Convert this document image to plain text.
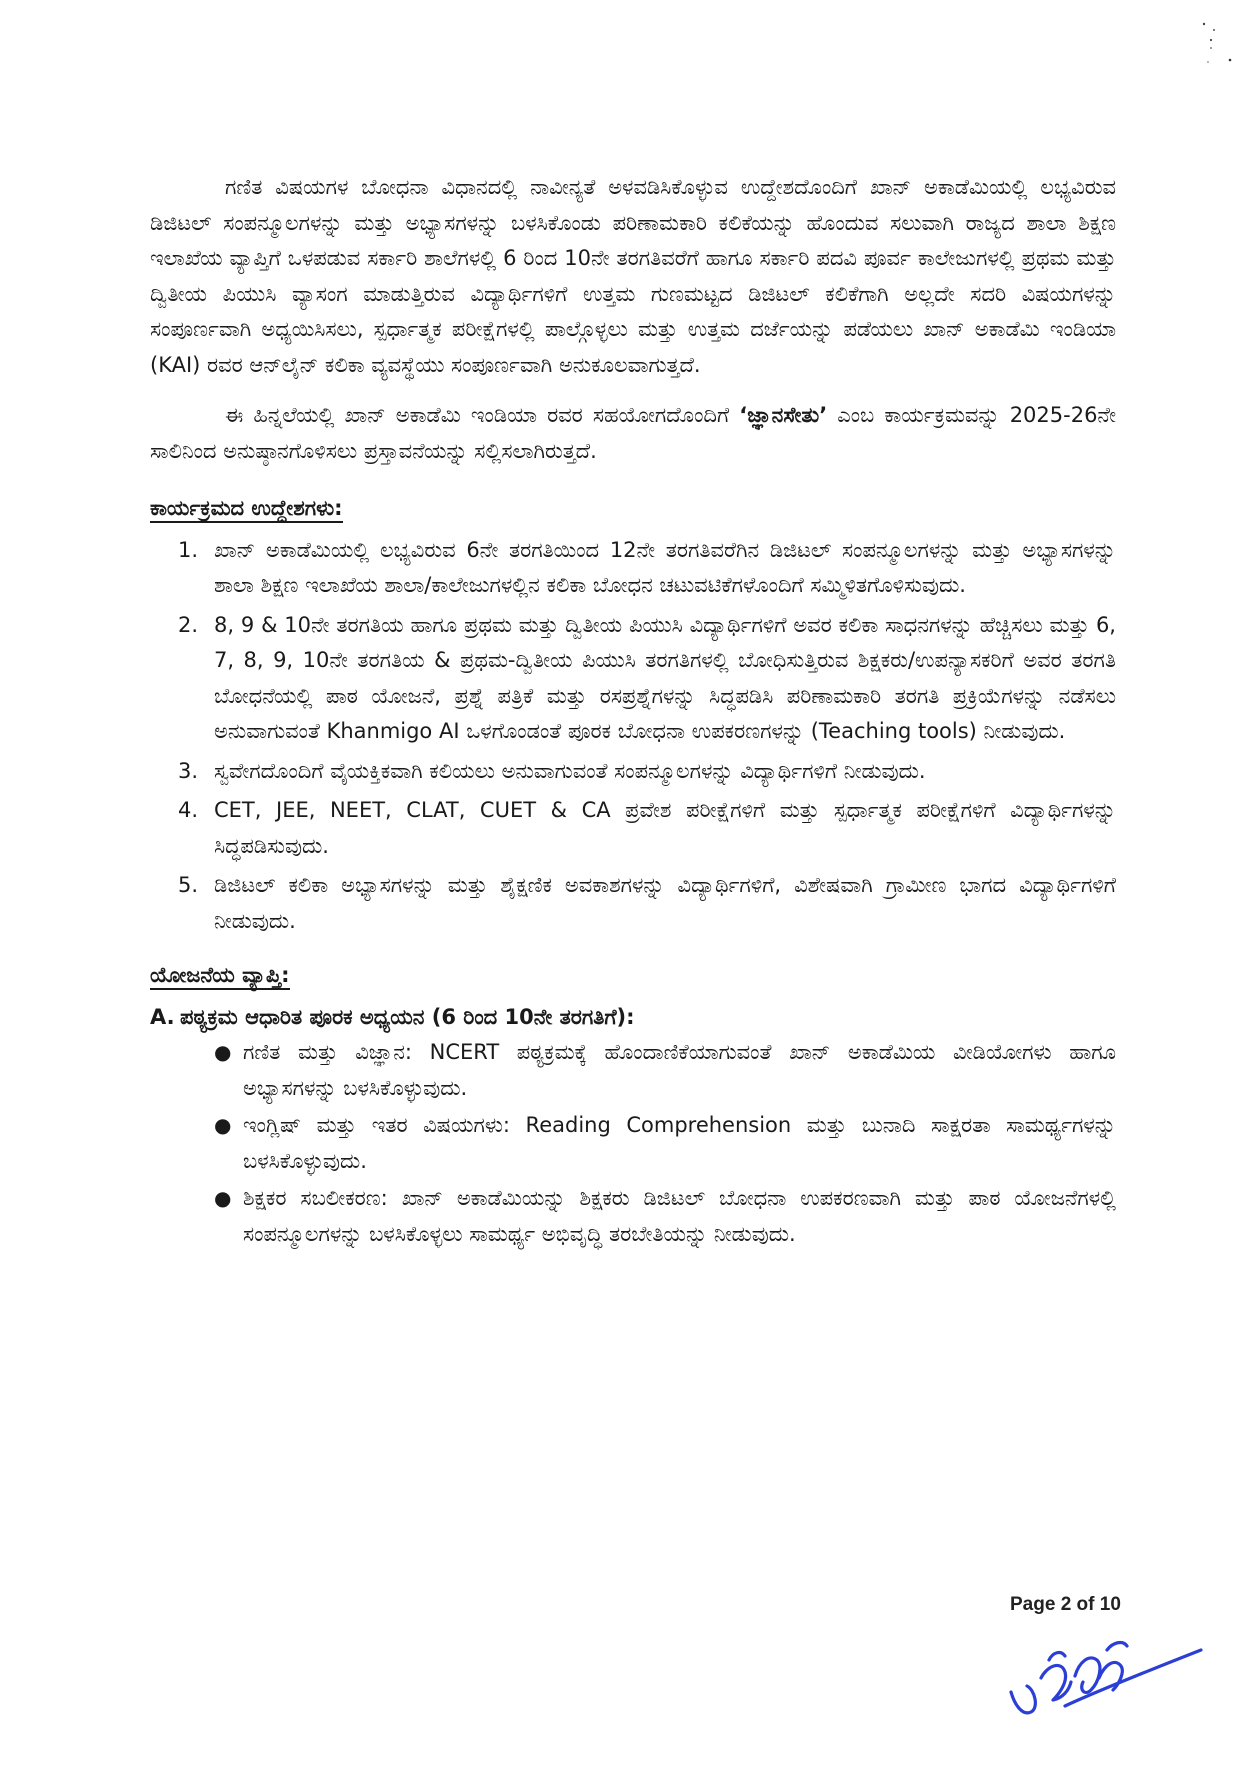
ಗಣಿತ ವಿಷಯಗಳ ಬೋಧನಾ ವಿಧಾನದಲ್ಲಿ ನಾವೀನ್ಯತೆ ಅಳವಡಿಸಿಕೊಳ್ಳುವ ಉದ್ದೇಶದೊಂದಿಗೆ ಖಾನ್ ಅಕಾಡೆಮಿಯಲ್ಲಿ ಲಭ್ಯವಿರುವ ಡಿಜಿಟಲ್ ಸಂಪನ್ಮೂಲಗಳನ್ನು ಮತ್ತು ಅಭ್ಯಾಸಗಳನ್ನು ಬಳಸಿಕೊಂಡು ಪರಿಣಾಮಕಾರಿ ಕಲಿಕೆಯನ್ನು ಹೊಂದುವ ಸಲುವಾಗಿ ರಾಜ್ಯದ ಶಾಲಾ ಶಿಕ್ಷಣ ಇಲಾಖೆಯ ವ್ಯಾಪ್ತಿಗೆ ಒಳಪಡುವ ಸರ್ಕಾರಿ ಶಾಲೆಗಳಲ್ಲಿ 6 ರಿಂದ 10ನೇ ತರಗತಿವರೆಗೆ ಹಾಗೂ ಸರ್ಕಾರಿ ಪದವಿ ಪೂರ್ವ ಕಾಲೇಜುಗಳಲ್ಲಿ ಪ್ರಥಮ ಮತ್ತು ದ್ವಿತೀಯ ಪಿಯುಸಿ ವ್ಯಾಸಂಗ ಮಾಡುತ್ತಿರುವ ವಿದ್ಯಾರ್ಥಿಗಳಿಗೆ ಉತ್ತಮ ಗುಣಮಟ್ಟದ ಡಿಜಿಟಲ್ ಕಲಿಕೆಗಾಗಿ ಅಲ್ಲದೇ ಸದರಿ ವಿಷಯಗಳನ್ನು ಸಂಪೂರ್ಣವಾಗಿ ಅಧ್ಯಯಿಸಿಸಲು, ಸ್ಪರ್ಧಾತ್ಮಕ ಪರೀಕ್ಷೆಗಳಲ್ಲಿ ಪಾಲ್ಗೊಳ್ಳಲು ಮತ್ತು ಉತ್ತಮ ದರ್ಜೆಯನ್ನು ಪಡೆಯಲು ಖಾನ್ ಅಕಾಡೆಮಿ ಇಂಡಿಯಾ (KAI) ರವರ ಆನ್‌ಲೈನ್ ಕಲಿಕಾ ವ್ಯವಸ್ಥೆಯು ಸಂಪೂರ್ಣವಾಗಿ ಅನುಕೂಲವಾಗುತ್ತದೆ.

ಈ ಹಿನ್ನಲೆಯಲ್ಲಿ ಖಾನ್ ಅಕಾಡೆಮಿ ಇಂಡಿಯಾ ರವರ ಸಹಯೋಗದೊಂದಿಗೆ ‘ಜ್ಞಾನಸೇತು’ ಎಂಬ ಕಾರ್ಯಕ್ರಮವನ್ನು 2025-26ನೇ ಸಾಲಿನಿಂದ ಅನುಷ್ಠಾನಗೊಳಿಸಲು ಪ್ರಸ್ತಾವನೆಯನ್ನು ಸಲ್ಲಿಸಲಾಗಿರುತ್ತದೆ.

ಕಾರ್ಯಕ್ರಮದ ಉದ್ದೇಶಗಳು:

1. ಖಾನ್ ಅಕಾಡೆಮಿಯಲ್ಲಿ ಲಭ್ಯವಿರುವ 6ನೇ ತರಗತಿಯಿಂದ 12ನೇ ತರಗತಿವರೆಗಿನ ಡಿಜಿಟಲ್ ಸಂಪನ್ಮೂಲಗಳನ್ನು ಮತ್ತು ಅಭ್ಯಾಸಗಳನ್ನು ಶಾಲಾ ಶಿಕ್ಷಣ ಇಲಾಖೆಯ ಶಾಲಾ/ಕಾಲೇಜುಗಳಲ್ಲಿನ ಕಲಿಕಾ ಬೋಧನ ಚಟುವಟಿಕೆಗಳೊಂದಿಗೆ ಸಮ್ಮಿಳಿತಗೊಳಿಸುವುದು.
2. 8, 9 & 10ನೇ ತರಗತಿಯ ಹಾಗೂ ಪ್ರಥಮ ಮತ್ತು ದ್ವಿತೀಯ ಪಿಯುಸಿ ವಿದ್ಯಾರ್ಥಿಗಳಿಗೆ ಅವರ ಕಲಿಕಾ ಸಾಧನಗಳನ್ನು ಹೆಚ್ಚಿಸಲು ಮತ್ತು 6, 7, 8, 9, 10ನೇ ತರಗತಿಯ & ಪ್ರಥಮ-ದ್ವಿತೀಯ ಪಿಯುಸಿ ತರಗತಿಗಳಲ್ಲಿ ಬೋಧಿಸುತ್ತಿರುವ ಶಿಕ್ಷಕರು/ಉಪನ್ಯಾಸಕರಿಗೆ ಅವರ ತರಗತಿ ಬೋಧನೆಯಲ್ಲಿ ಪಾಠ ಯೋಜನೆ, ಪ್ರಶ್ನೆ ಪತ್ರಿಕೆ ಮತ್ತು ರಸಪ್ರಶ್ನೆಗಳನ್ನು ಸಿದ್ಧಪಡಿಸಿ ಪರಿಣಾಮಕಾರಿ ತರಗತಿ ಪ್ರಕ್ರಿಯೆಗಳನ್ನು ನಡೆಸಲು ಅನುವಾಗುವಂತೆ Khanmigo AI ಒಳಗೊಂಡಂತೆ ಪೂರಕ ಬೋಧನಾ ಉಪಕರಣಗಳನ್ನು (Teaching tools) ನೀಡುವುದು.
3. ಸ್ವವೇಗದೊಂದಿಗೆ ವೈಯಕ್ತಿಕವಾಗಿ ಕಲಿಯಲು ಅನುವಾಗುವಂತೆ ಸಂಪನ್ಮೂಲಗಳನ್ನು ವಿದ್ಯಾರ್ಥಿಗಳಿಗೆ ನೀಡುವುದು.
4. CET, JEE, NEET, CLAT, CUET & CA ಪ್ರವೇಶ ಪರೀಕ್ಷೆಗಳಿಗೆ ಮತ್ತು ಸ್ಪರ್ಧಾತ್ಮಕ ಪರೀಕ್ಷೆಗಳಿಗೆ ವಿದ್ಯಾರ್ಥಿಗಳನ್ನು ಸಿದ್ಧಪಡಿಸುವುದು.
5. ಡಿಜಿಟಲ್ ಕಲಿಕಾ ಅಭ್ಯಾಸಗಳನ್ನು ಮತ್ತು ಶೈಕ್ಷಣಿಕ ಅವಕಾಶಗಳನ್ನು ವಿದ್ಯಾರ್ಥಿಗಳಿಗೆ, ವಿಶೇಷವಾಗಿ ಗ್ರಾಮೀಣ ಭಾಗದ ವಿದ್ಯಾರ್ಥಿಗಳಿಗೆ ನೀಡುವುದು.

ಯೋಜನೆಯ ವ್ಯಾಪ್ತಿ:

A. ಪಠ್ಯಕ್ರಮ ಆಧಾರಿತ ಪೂರಕ ಅಧ್ಯಯನ (6 ರಿಂದ 10ನೇ ತರಗತಿಗೆ):

● ಗಣಿತ ಮತ್ತು ವಿಜ್ಞಾನ: NCERT ಪಠ್ಯಕ್ರಮಕ್ಕೆ ಹೊಂದಾಣಿಕೆಯಾಗುವಂತೆ ಖಾನ್ ಅಕಾಡೆಮಿಯ ವೀಡಿಯೋಗಳು ಹಾಗೂ ಅಭ್ಯಾಸಗಳನ್ನು ಬಳಸಿಕೊಳ್ಳುವುದು.
● ಇಂಗ್ಲಿಷ್ ಮತ್ತು ಇತರ ವಿಷಯಗಳು: Reading Comprehension ಮತ್ತು ಬುನಾದಿ ಸಾಕ್ಷರತಾ ಸಾಮರ್ಥ್ಯಗಳನ್ನು ಬಳಸಿಕೊಳ್ಳುವುದು.
● ಶಿಕ್ಷಕರ ಸಬಲೀಕರಣ: ಖಾನ್ ಅಕಾಡೆಮಿಯನ್ನು ಶಿಕ್ಷಕರು ಡಿಜಿಟಲ್ ಬೋಧನಾ ಉಪಕರಣವಾಗಿ ಮತ್ತು ಪಾಠ ಯೋಜನೆಗಳಲ್ಲಿ ಸಂಪನ್ಮೂಲಗಳನ್ನು ಬಳಸಿಕೊಳ್ಳಲು ಸಾಮರ್ಥ್ಯ ಅಭಿವೃದ್ಧಿ ತರಬೇತಿಯನ್ನು ನೀಡುವುದು.
Page 2 of 10
